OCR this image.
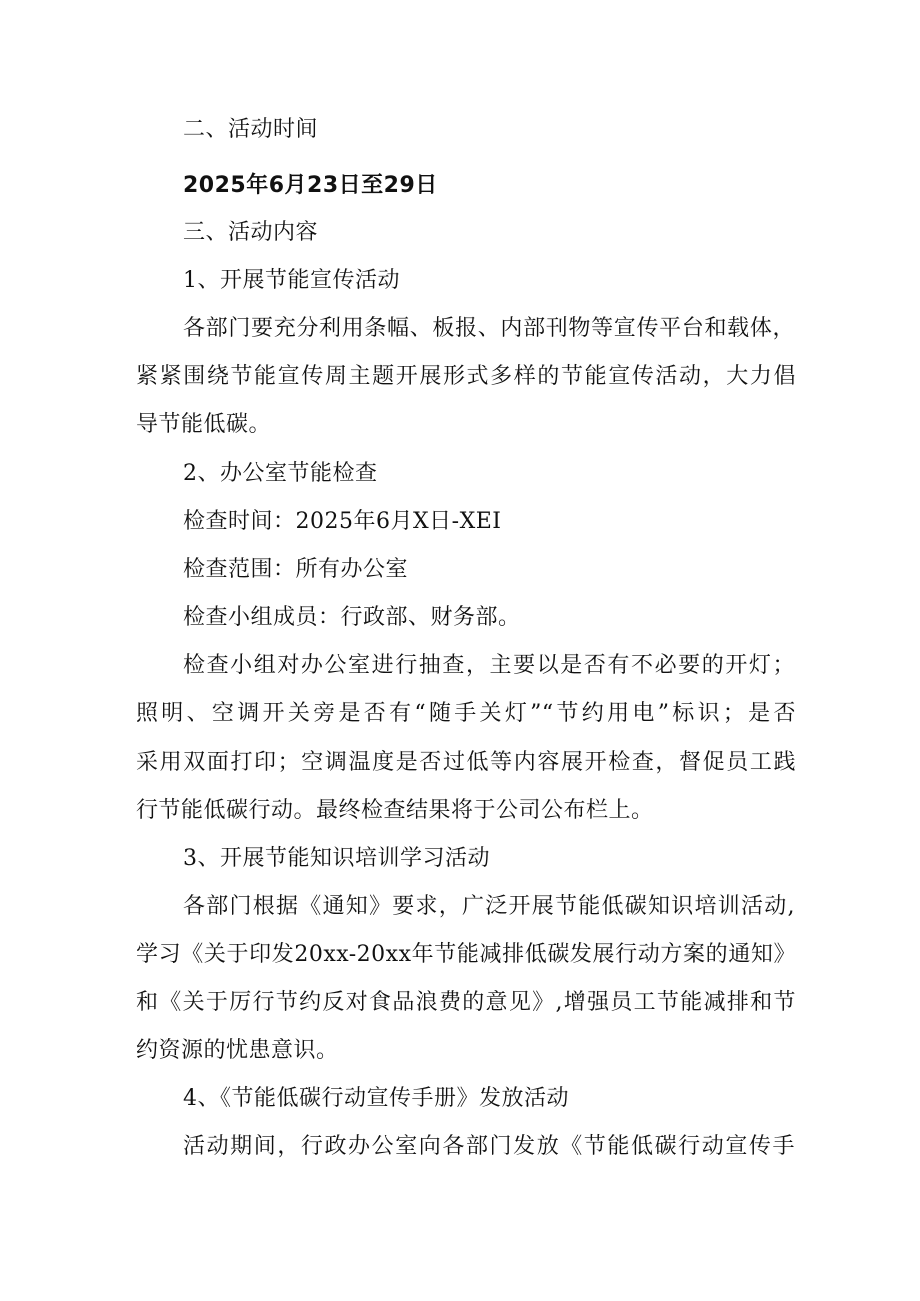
二、活动时间
2025年6月23日至29日
三、活动内容
1、开展节能宣传活动
各部门要充分利用条幅、板报、内部刊物等宣传平台和载体，
紧紧围绕节能宣传周主题开展形式多样的节能宣传活动，大力倡
导节能低碳。
2、办公室节能检查
检查时间：2025年6月X日-XEI
检查范围：所有办公室
检查小组成员：行政部、财务部。
检查小组对办公室进行抽查，主要以是否有不必要的开灯；
照明、空调开关旁是否有“随手关灯”“节约用电”标识；是否
采用双面打印；空调温度是否过低等内容展开检查，督促员工践
行节能低碳行动。最终检查结果将于公司公布栏上。
3、开展节能知识培训学习活动
各部门根据《通知》要求，广泛开展节能低碳知识培训活动,
学习《关于印发20xx-20xx年节能减排低碳发展行动方案的通知》
和《关于厉行节约反对食品浪费的意见》,增强员工节能减排和节
约资源的忧患意识。
4、《节能低碳行动宣传手册》发放活动
活动期间，行政办公室向各部门发放《节能低碳行动宣传手
